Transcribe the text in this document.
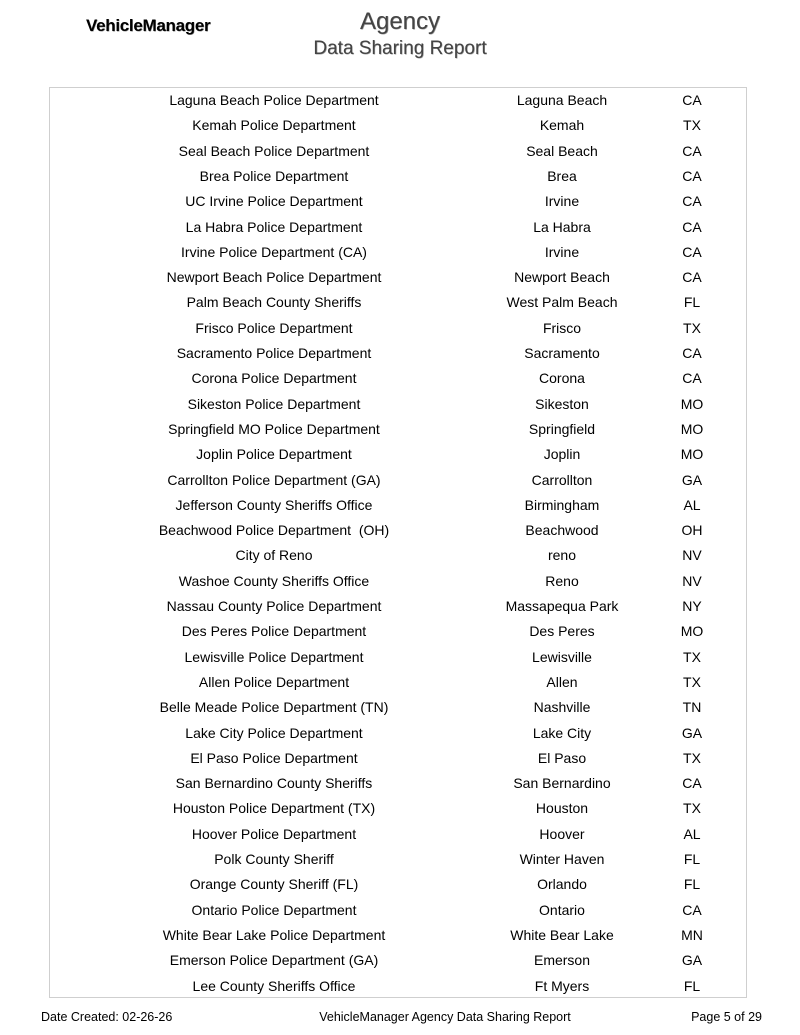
VehicleManager	Agency
Data Sharing Report
Laguna Beach Police Department	Laguna Beach	CA
Kemah Police Department	Kemah	TX
Seal Beach Police Department	Seal Beach	CA
Brea Police Department	Brea	CA
UC Irvine Police Department	Irvine	CA
La Habra Police Department	La Habra	CA
Irvine Police Department (CA)	Irvine	CA
Newport Beach Police Department	Newport Beach	CA
Palm Beach County Sheriffs	West Palm Beach	FL
Frisco Police Department	Frisco	TX
Sacramento Police Department	Sacramento	CA
Corona Police Department	Corona	CA
Sikeston Police Department	Sikeston	MO
Springfield MO Police Department	Springfield	MO
Joplin Police Department	Joplin	MO
Carrollton Police Department (GA)	Carrollton	GA
Jefferson County Sheriffs Office	Birmingham	AL
Beachwood Police Department  (OH)	Beachwood	OH
City of Reno	reno	NV
Washoe County Sheriffs Office	Reno	NV
Nassau County Police Department	Massapequa Park	NY
Des Peres Police Department	Des Peres	MO
Lewisville Police Department	Lewisville	TX
Allen Police Department	Allen	TX
Belle Meade Police Department (TN)	Nashville	TN
Lake City Police Department	Lake City	GA
El Paso Police Department	El Paso	TX
San Bernardino County Sheriffs	San Bernardino	CA
Houston Police Department (TX)	Houston	TX
Hoover Police Department	Hoover	AL
Polk County Sheriff	Winter Haven	FL
Orange County Sheriff (FL)	Orlando	FL
Ontario Police Department	Ontario	CA
White Bear Lake Police Department	White Bear Lake	MN
Emerson Police Department (GA)	Emerson	GA
Lee County Sheriffs Office	Ft Myers	FL
Date Created: 02-26-26	VehicleManager Agency Data Sharing Report	Page 5 of 29
